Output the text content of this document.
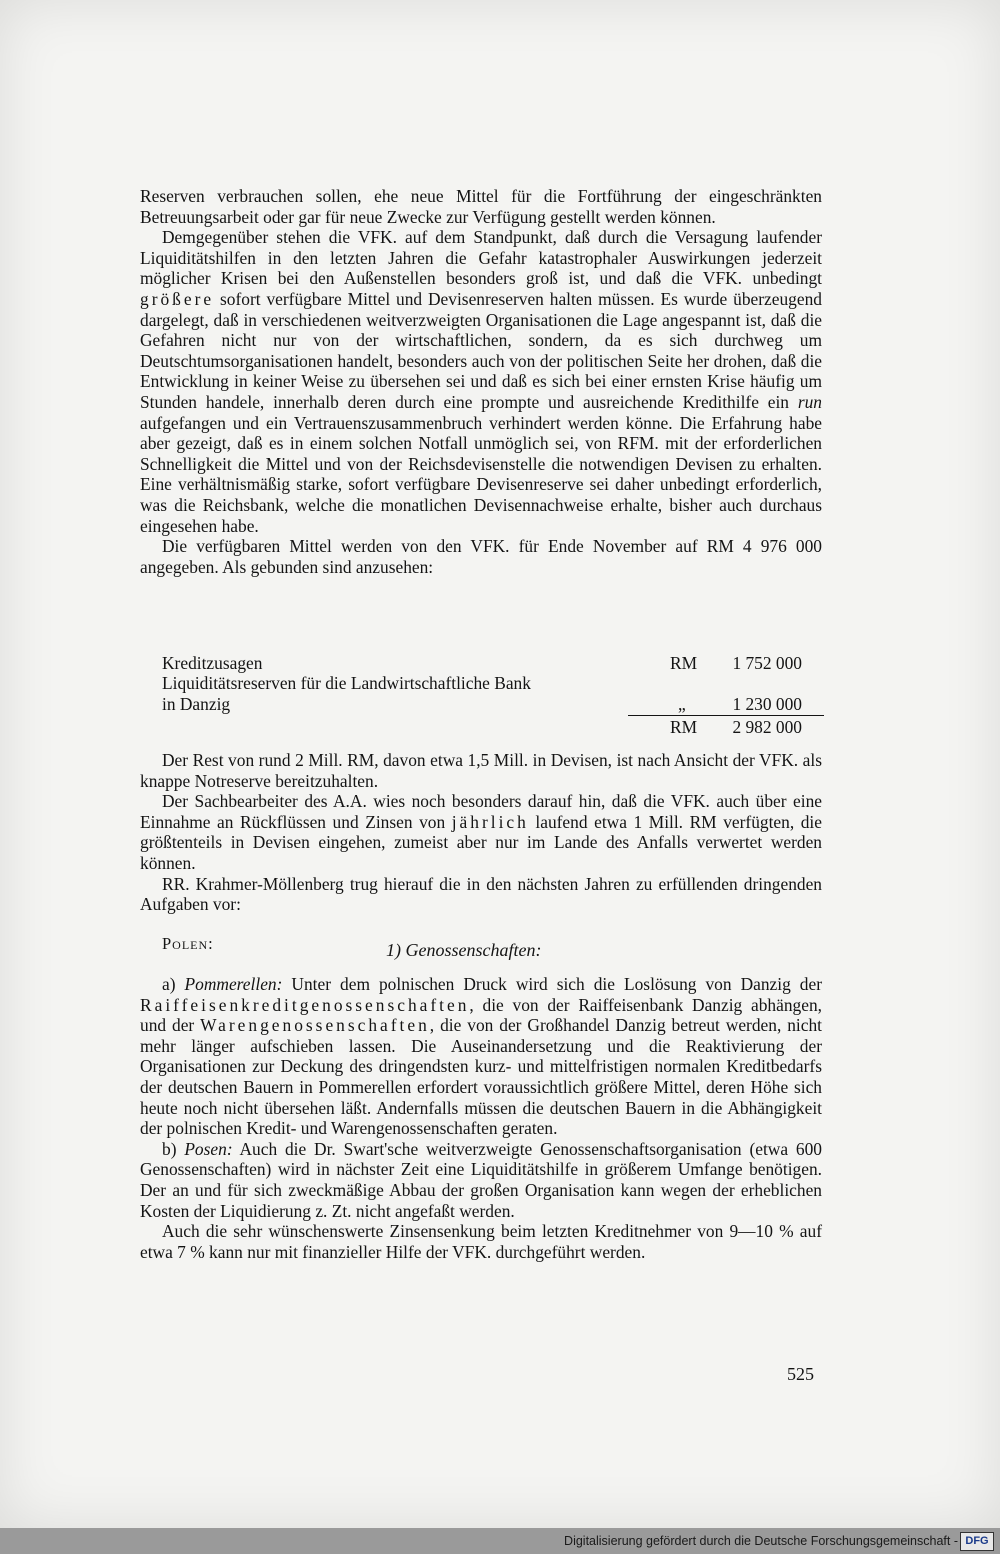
Reserven verbrauchen sollen, ehe neue Mittel für die Fortführung der eingeschränkten Betreuungsarbeit oder gar für neue Zwecke zur Verfügung gestellt werden können.

Demgegenüber stehen die VFK. auf dem Standpunkt, daß durch die Versagung laufender Liquiditätshilfen in den letzten Jahren die Gefahr katastrophaler Auswirkungen jederzeit möglicher Krisen bei den Außenstellen besonders groß ist, und daß die VFK. unbedingt größere sofort verfügbare Mittel und Devisenreserven halten müssen. Es wurde überzeugend dargelegt, daß in verschiedenen weitverzweigten Organisationen die Lage angespannt ist, daß die Gefahren nicht nur von der wirtschaftlichen, sondern, da es sich durchweg um Deutschtumsorganisationen handelt, besonders auch von der politischen Seite her drohen, daß die Entwicklung in keiner Weise zu übersehen sei und daß es sich bei einer ernsten Krise häufig um Stunden handele, innerhalb deren durch eine prompte und ausreichende Kredithilfe ein run aufgefangen und ein Vertrauenszusammenbruch verhindert werden könne. Die Erfahrung habe aber gezeigt, daß es in einem solchen Notfall unmöglich sei, von RFM. mit der erforderlichen Schnelligkeit die Mittel und von der Reichsdevisenstelle die notwendigen Devisen zu erhalten. Eine verhältnismäßig starke, sofort verfügbare Devisenreserve sei daher unbedingt erforderlich, was die Reichsbank, welche die monatlichen Devisennachweise erhalte, bisher auch durchaus eingesehen habe.

Die verfügbaren Mittel werden von den VFK. für Ende November auf RM 4 976 000 angegeben. Als gebunden sind anzusehen:

Kreditzusagen	RM 1 752 000
Liquiditätsreserven für die Landwirtschaftliche Bank
in Danzig	„	1 230 000
RM 2 982 000

Der Rest von rund 2 Mill. RM, davon etwa 1,5 Mill. in Devisen, ist nach Ansicht der VFK. als knappe Notreserve bereitzuhalten.

Der Sachbearbeiter des A.A. wies noch besonders darauf hin, daß die VFK. auch über eine Einnahme an Rückflüssen und Zinsen von jährlich laufend etwa 1 Mill. RM verfügten, die größtenteils in Devisen eingehen, zumeist aber nur im Lande des Anfalls verwertet werden können.

RR. Krahmer-Möllenberg trug hierauf die in den nächsten Jahren zu erfüllenden dringenden Aufgaben vor:

Polen:	1) Genossenschaften:

a) Pommerellen: Unter dem polnischen Druck wird sich die Loslösung von Danzig der Raiffeisenkreditgenossenschaften, die von der Raiffeisenbank Danzig abhängen, und der Warengenossenschaften, die von der Großhandel Danzig betreut werden, nicht mehr länger aufschieben lassen. Die Auseinandersetzung und die Reaktivierung der Organisationen zur Deckung des dringendsten kurz- und mittelfristigen normalen Kreditbedarfs der deutschen Bauern in Pommerellen erfordert voraussichtlich größere Mittel, deren Höhe sich heute noch nicht übersehen läßt. Andernfalls müssen die deutschen Bauern in die Abhängigkeit der polnischen Kredit- und Warengenossenschaften geraten.

b) Posen: Auch die Dr. Swart'sche weitverzweigte Genossenschaftsorganisation (etwa 600 Genossenschaften) wird in nächster Zeit eine Liquiditätshilfe in größerem Umfange benötigen. Der an und für sich zweckmäßige Abbau der großen Organisation kann wegen der erheblichen Kosten der Liquidierung z. Zt. nicht angefaßt werden.

Auch die sehr wünschenswerte Zinsensenkung beim letzten Kreditnehmer von 9—10 % auf etwa 7 % kann nur mit finanzieller Hilfe der VFK. durchgeführt werden.

525
Digitalisierung gefördert durch die Deutsche Forschungsgemeinschaft - DFG
